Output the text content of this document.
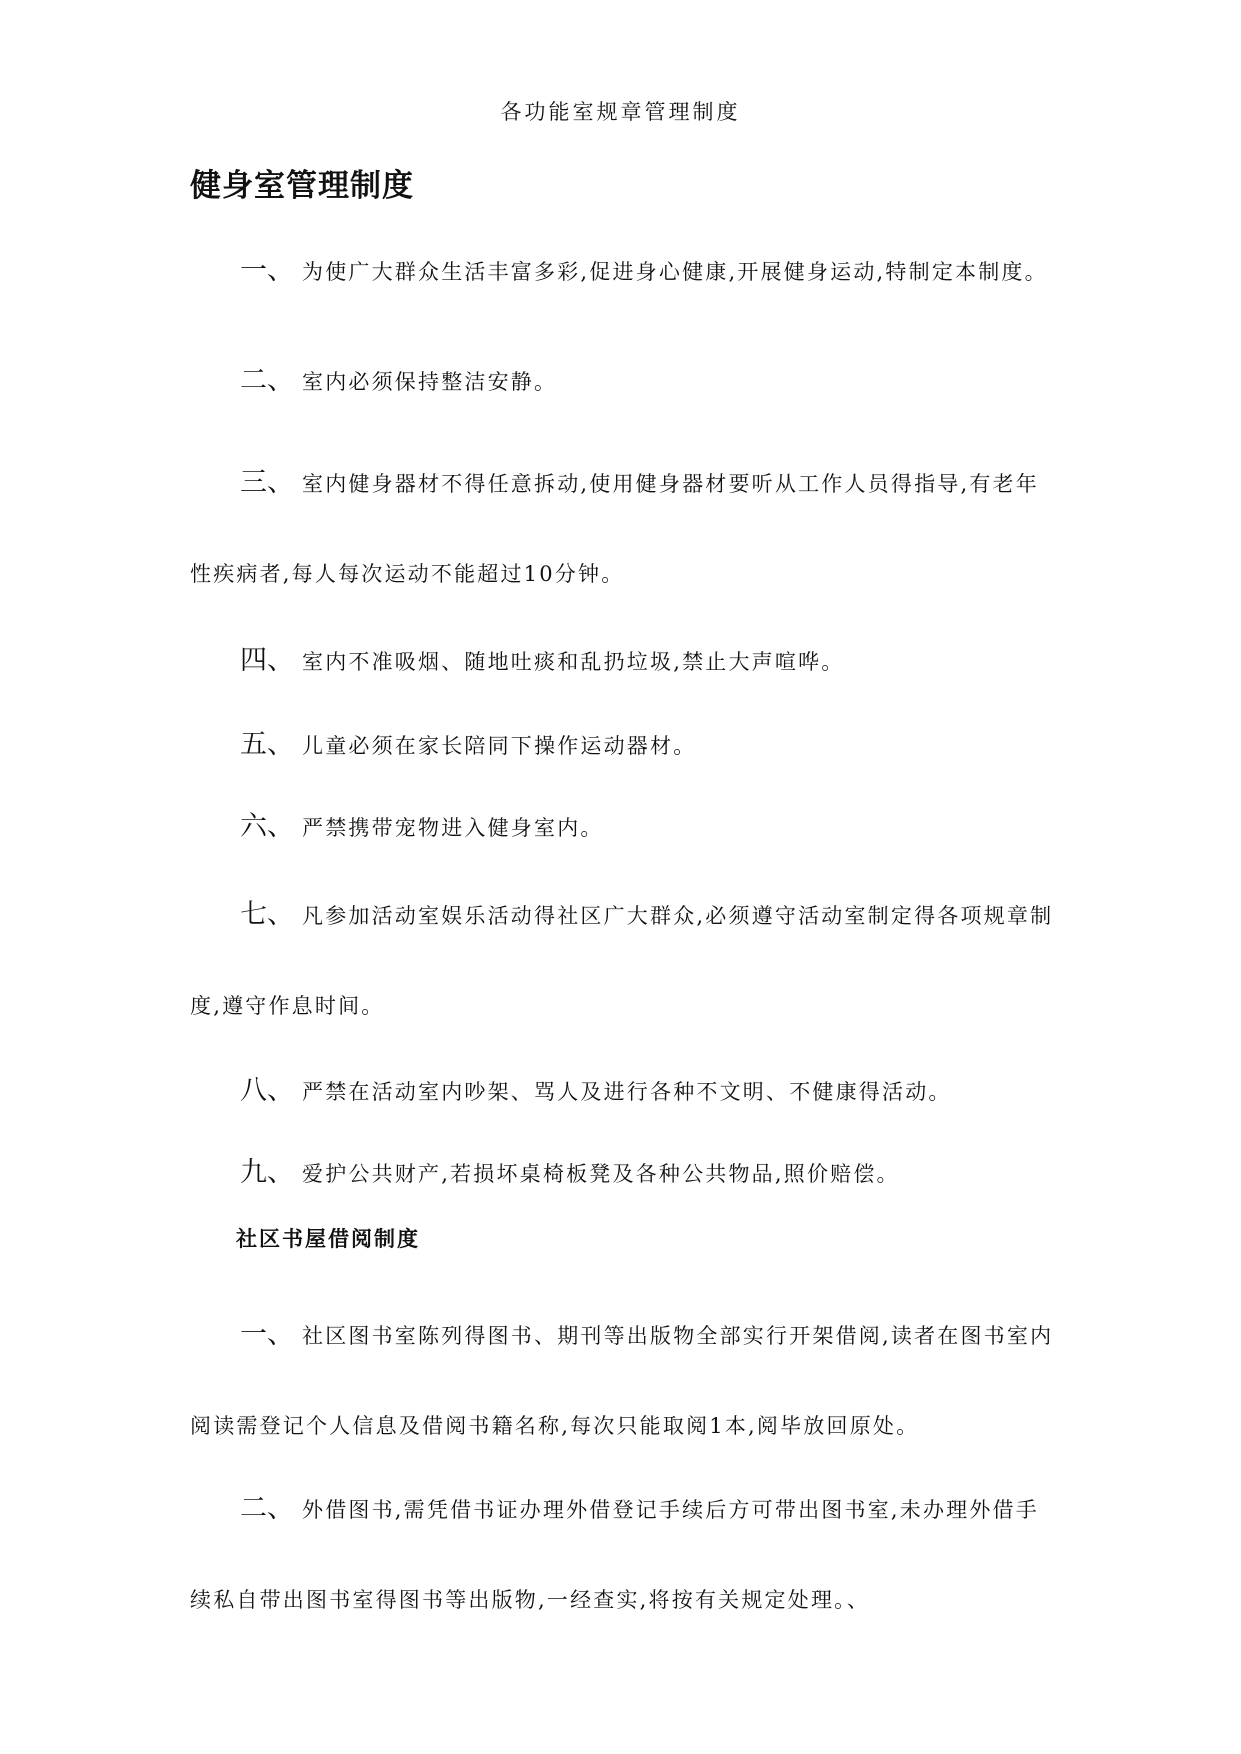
各功能室规章管理制度
健身室管理制度

一、 为使广大群众生活丰富多彩,促进身心健康,开展健身运动,特制定本制度。

二、 室内必须保持整洁安静。

三、 室内健身器材不得任意拆动,使用健身器材要听从工作人员得指导,有老年性疾病者,每人每次运动不能超过10分钟。

四、 室内不准吸烟、随地吐痰和乱扔垃圾,禁止大声喧哗。

五、 儿童必须在家长陪同下操作运动器材。

六、 严禁携带宠物进入健身室内。

七、 凡参加活动室娱乐活动得社区广大群众,必须遵守活动室制定得各项规章制度,遵守作息时间。

八、 严禁在活动室内吵架、骂人及进行各种不文明、不健康得活动。

九、 爱护公共财产,若损坏桌椅板凳及各种公共物品,照价赔偿。

社区书屋借阅制度

一、 社区图书室陈列得图书、期刊等出版物全部实行开架借阅,读者在图书室内阅读需登记个人信息及借阅书籍名称,每次只能取阅1本,阅毕放回原处。

二、 外借图书,需凭借书证办理外借登记手续后方可带出图书室,未办理外借手续私自带出图书室得图书等出版物,一经查实,将按有关规定处理。、
